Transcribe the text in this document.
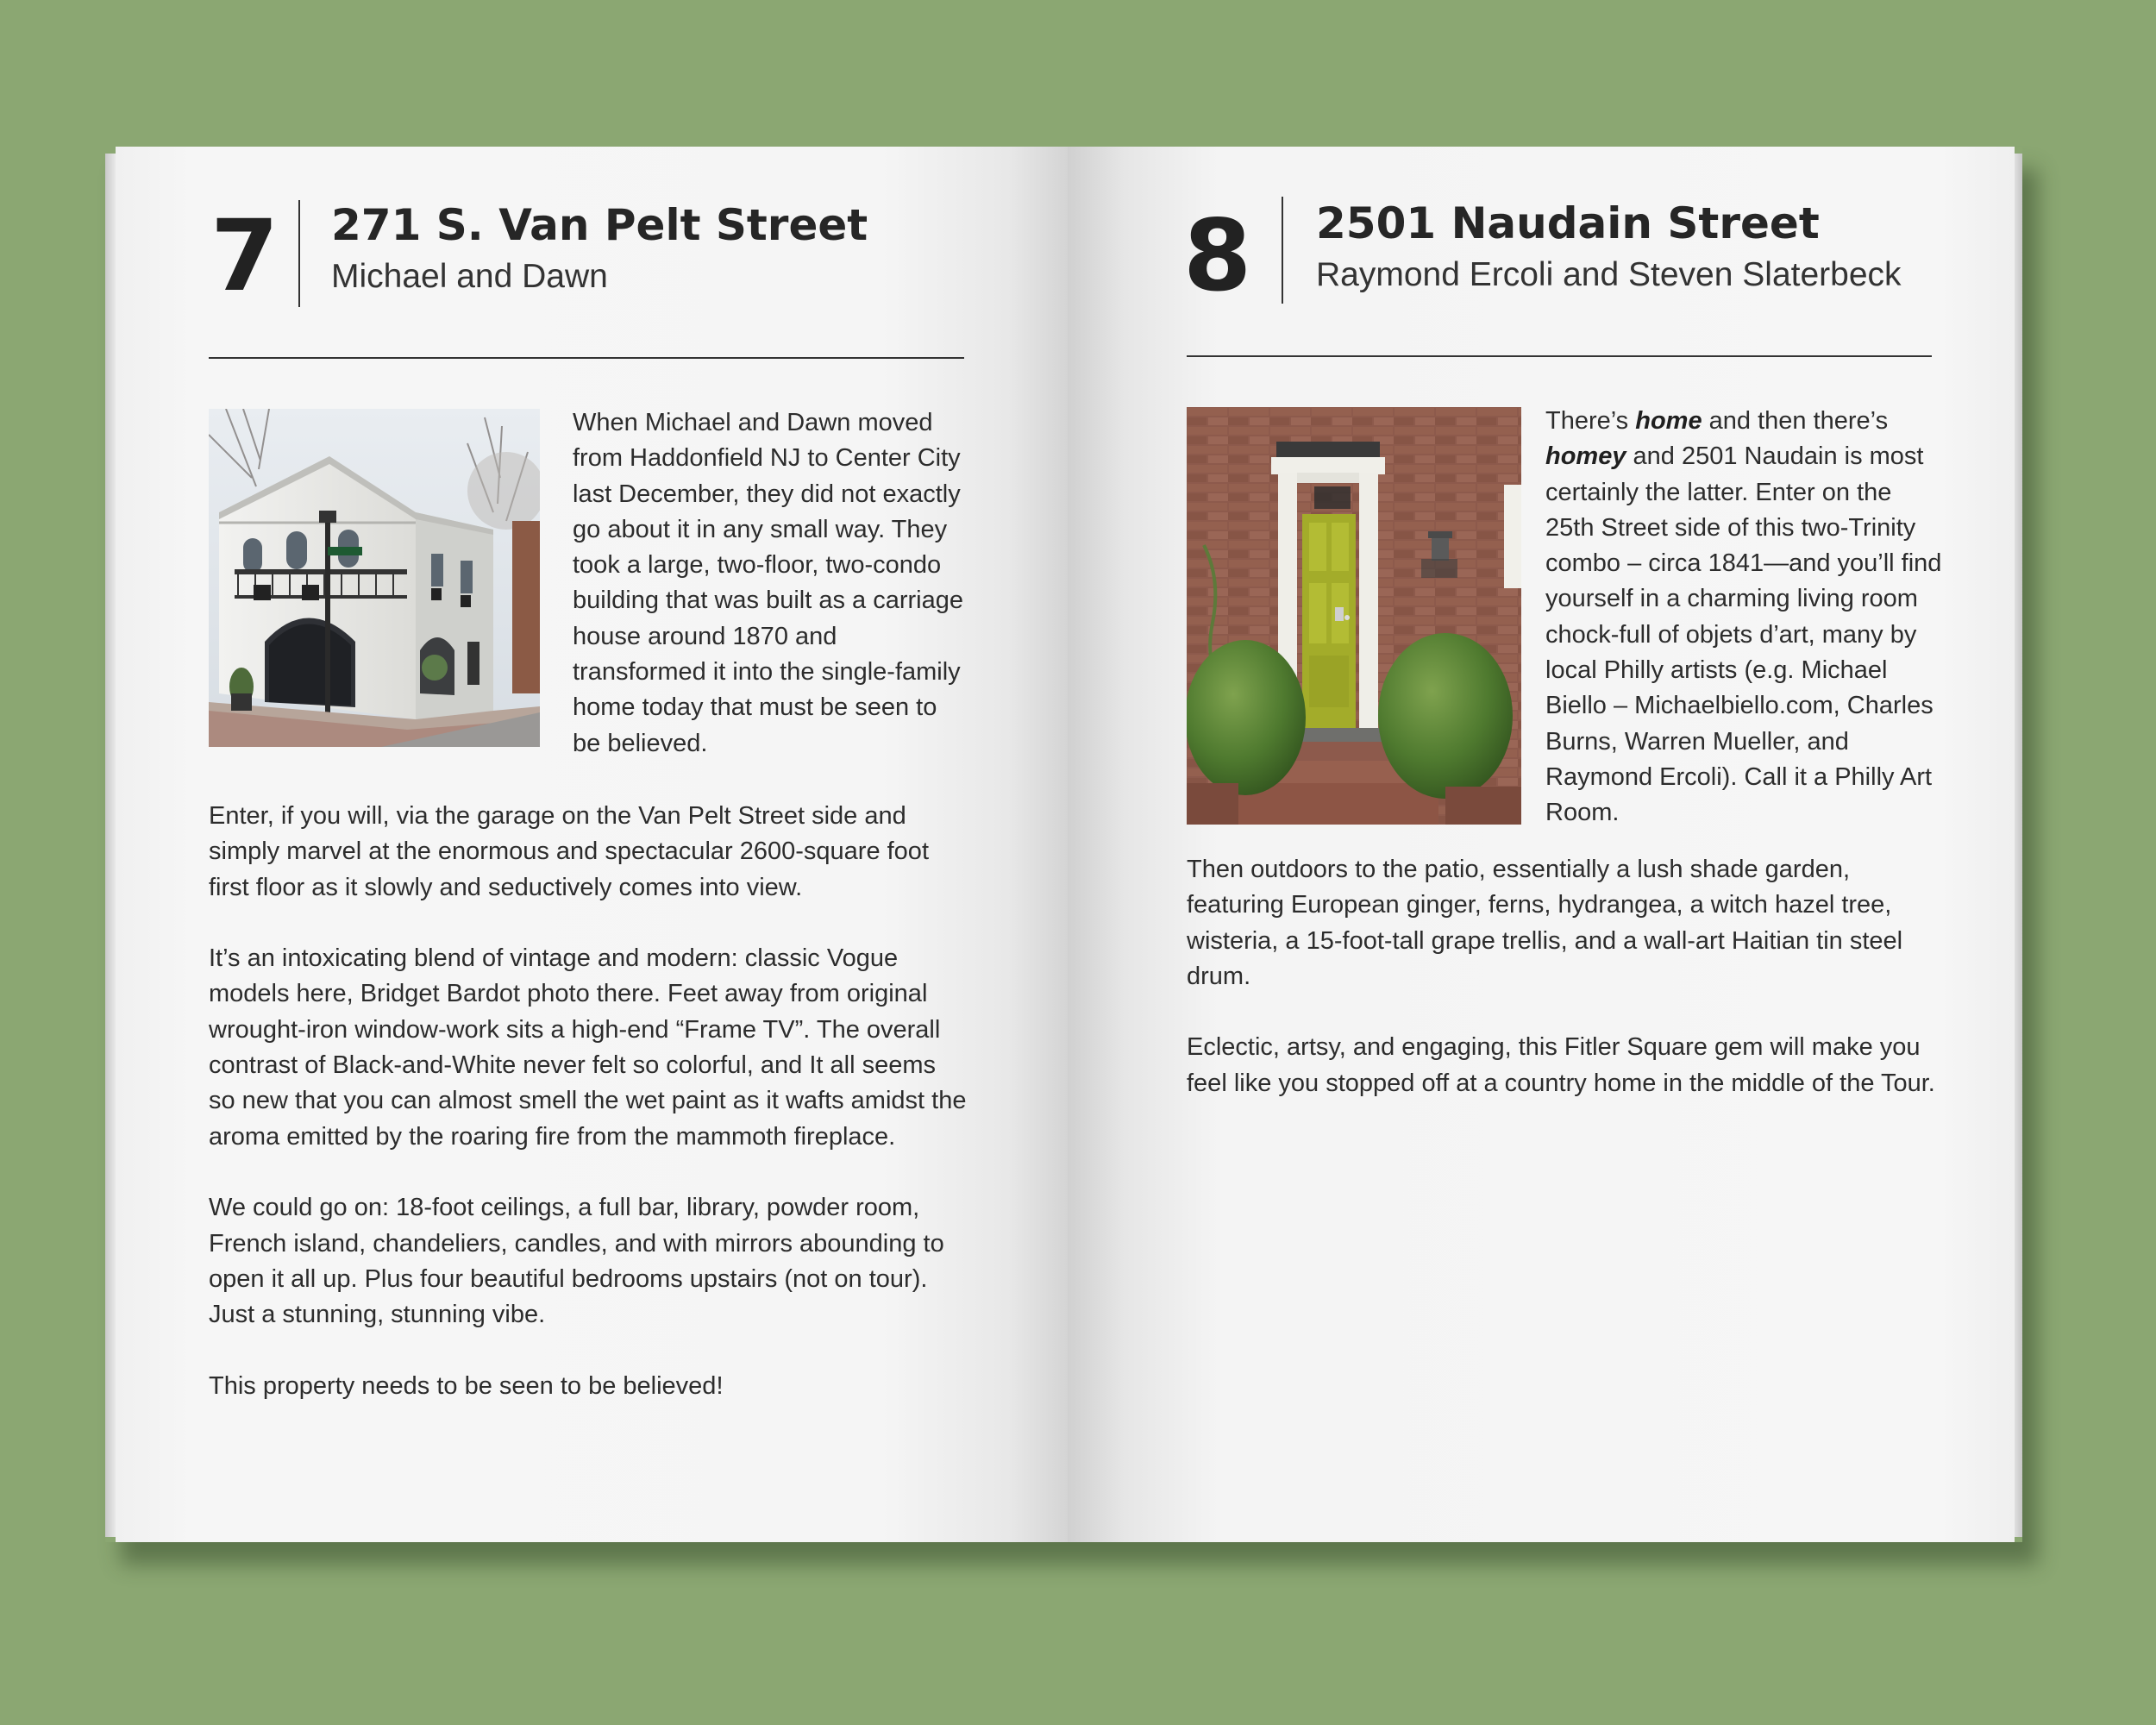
7 271 S. Van Pelt Street
Michael and Dawn
When Michael and Dawn moved from Haddonfield NJ to Center City last December, they did not exactly go about it in any small way. They took a large, two-floor, two-condo building that was built as a carriage house around 1870 and transformed it into the single-family home today that must be seen to be believed.

Enter, if you will, via the garage on the Van Pelt Street side and simply marvel at the enormous and spectacular 2600-square foot first floor as it slowly and seductively comes into view.

It’s an intoxicating blend of vintage and modern: classic Vogue models here, Bridget Bardot photo there. Feet away from original wrought-iron window-work sits a high-end “Frame TV”. The overall contrast of Black-and-White never felt so colorful, and It all seems so new that you can almost smell the wet paint as it wafts amidst the aroma emitted by the roaring fire from the mammoth fireplace.

We could go on: 18-foot ceilings, a full bar, library, powder room, French island, chandeliers, candles, and with mirrors abounding to open it all up. Plus four beautiful bedrooms upstairs (not on tour). Just a stunning, stunning vibe.

This property needs to be seen to be believed!

8 2501 Naudain Street
Raymond Ercoli and Steven Slaterbeck
There’s home and then there’s homey and 2501 Naudain is most certainly the latter. Enter on the 25th Street side of this two-Trinity combo – circa 1841—and you’ll find yourself in a charming living room chock-full of objets d’art, many by local Philly artists (e.g. Michael Biello – Michaelbiello.com, Charles Burns, Warren Mueller, and Raymond Ercoli). Call it a Philly Art Room.

Then outdoors to the patio, essentially a lush shade garden, featuring European ginger, ferns, hydrangea, a witch hazel tree, wisteria, a 15-foot-tall grape trellis, and a wall-art Haitian tin steel drum.

Eclectic, artsy, and engaging, this Fitler Square gem will make you feel like you stopped off at a country home in the middle of the Tour.
